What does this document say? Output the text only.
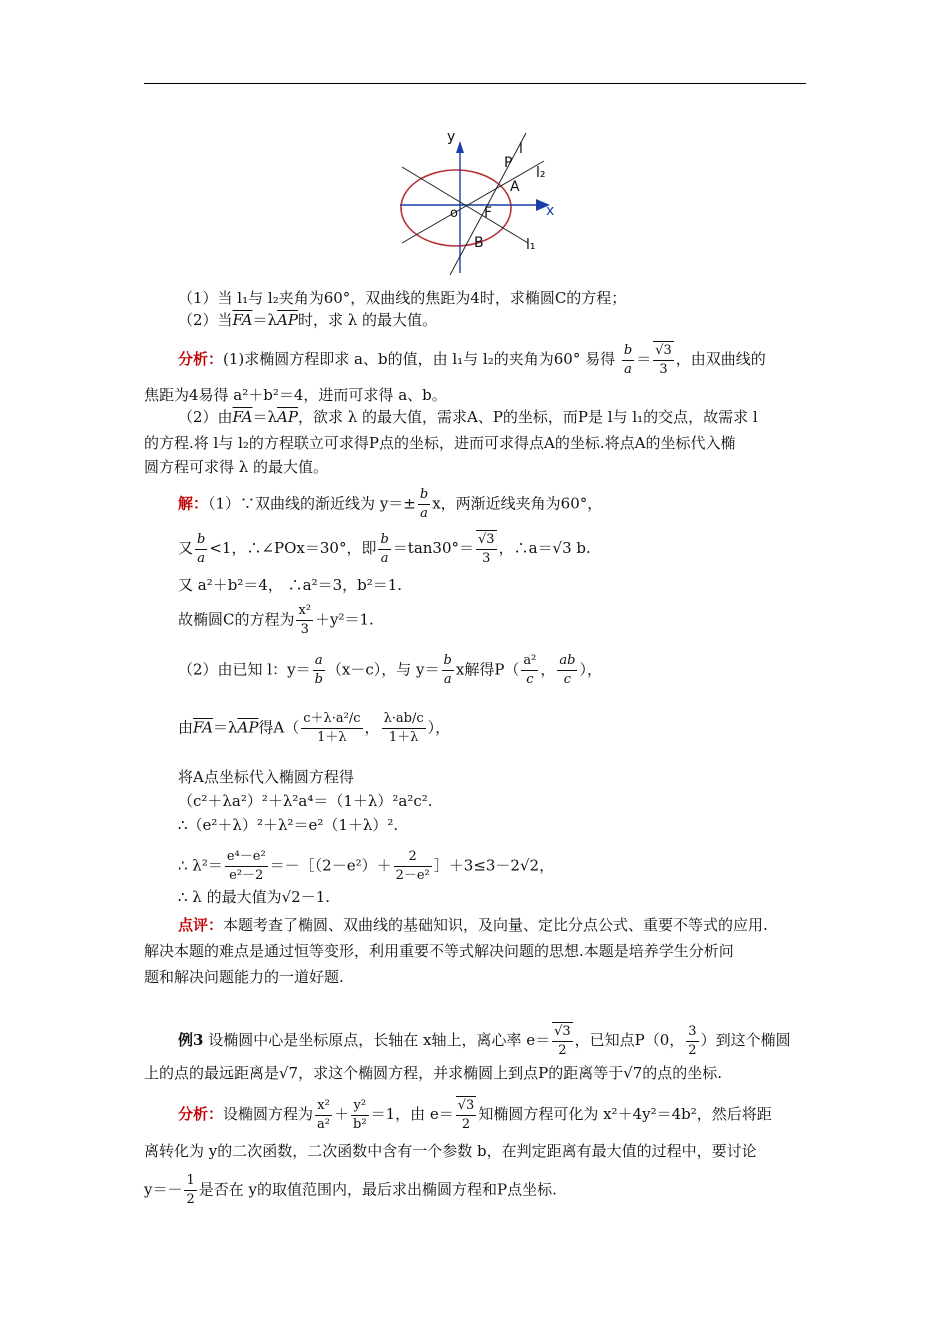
y
x
o
l
l₂
l₁
P
A
F
B
（1）当 l₁与 l₂夹角为60°，双曲线的焦距为4时，求椭圆C的方程；
（2）当$\overline{FA}=\lambda\overline{AP}$时，求 λ 的最大值。
分析：(1)求椭圆方程即求 a、b的值，由 l₁与 l₂的夹角为60° 易得 $\frac{b}{a} = \frac{√3}{3}$ ，由双曲线的
焦距为4易得 a²＋b²＝4，进而可求得 a、b。
（2）由$\overline{FA}=\lambda\overline{AP}$，欲求 λ 的最大值，需求A、P的坐标，而P是 l与 l₁的交点，故需求 l
的方程.将 l与 l₂的方程联立可求得P点的坐标，进而可求得点A的坐标.将点A的坐标代入椭
圆方程可求得 λ 的最大值。
解：（1）∵双曲线的渐近线为 $y=\pm \frac{b}{a}$ x，两渐近线夹角为60°，
又 $\frac{b}{a} <1$，∴∠POx＝30°，即 $\frac{b}{a} =\tan 30^\circ= \frac{√3}{3}$ ，∴a＝√3 b.
又 a²＋b²＝4， ∴a²＝3，b²＝1.
故椭圆C的方程为 $\frac{\text{x²}}{3} +y^2=1$.
（2）由已知 l：$y= \frac{a}{b} (x-c)$，与 $y= \frac{b}{a}$ x解得$P( \frac{\text{a²}}{c}$ ， $\frac{ab}{c}$ ），
由$\overline{FA}=\lambda\overline{AP}$得$A( \frac{\text{c＋λ·a²/c}}{1+\lambda}$ ， $\frac{\lambda\cdot ab/c}{1+\lambda}$ ），
将A点坐标代入椭圆方程得
（c²＋λa²）²＋λ²a⁴＝（1＋λ）²a²c².
∴（e²＋λ）²＋λ²＝e²（1＋λ）².
∴ $\lambda^2= \frac{\text{e⁴－e²}}{\text{e²－2}}$ ＝－［（2－e²）＋ $\frac{2}{\text{2－e²}}$ ］＋3≤3－2√2，
∴ λ 的最大值为√2－1.
点评：本题考查了椭圆、双曲线的基础知识，及向量、定比分点公式、重要不等式的应用.
解决本题的难点是通过恒等变形，利用重要不等式解决问题的思想.本题是培养学生分析问
题和解决问题能力的一道好题.
例3 设椭圆中心是坐标原点，长轴在 x轴上，离心率 $e= \frac{√3}{2}$ ，已知点P（0， $\frac{3}{2}$ ）到这个椭圆
上的点的最远距离是√7，求这个椭圆方程，并求椭圆上到点P的距离等于√7的点的坐标.
分析：设椭圆方程为 $\frac{\text{x²}}{\text{a²}} + \frac{\text{y²}}{\text{b²}} =1$，由 $e= \frac{√3}{2}$ 知椭圆方程可化为 x²＋4y²＝4b²，然后将距
离转化为 y的二次函数，二次函数中含有一个参数 b，在判定距离有最大值的过程中，要讨论
$y=- \frac{1}{2}$ 是否在 y的取值范围内，最后求出椭圆方程和P点坐标.
